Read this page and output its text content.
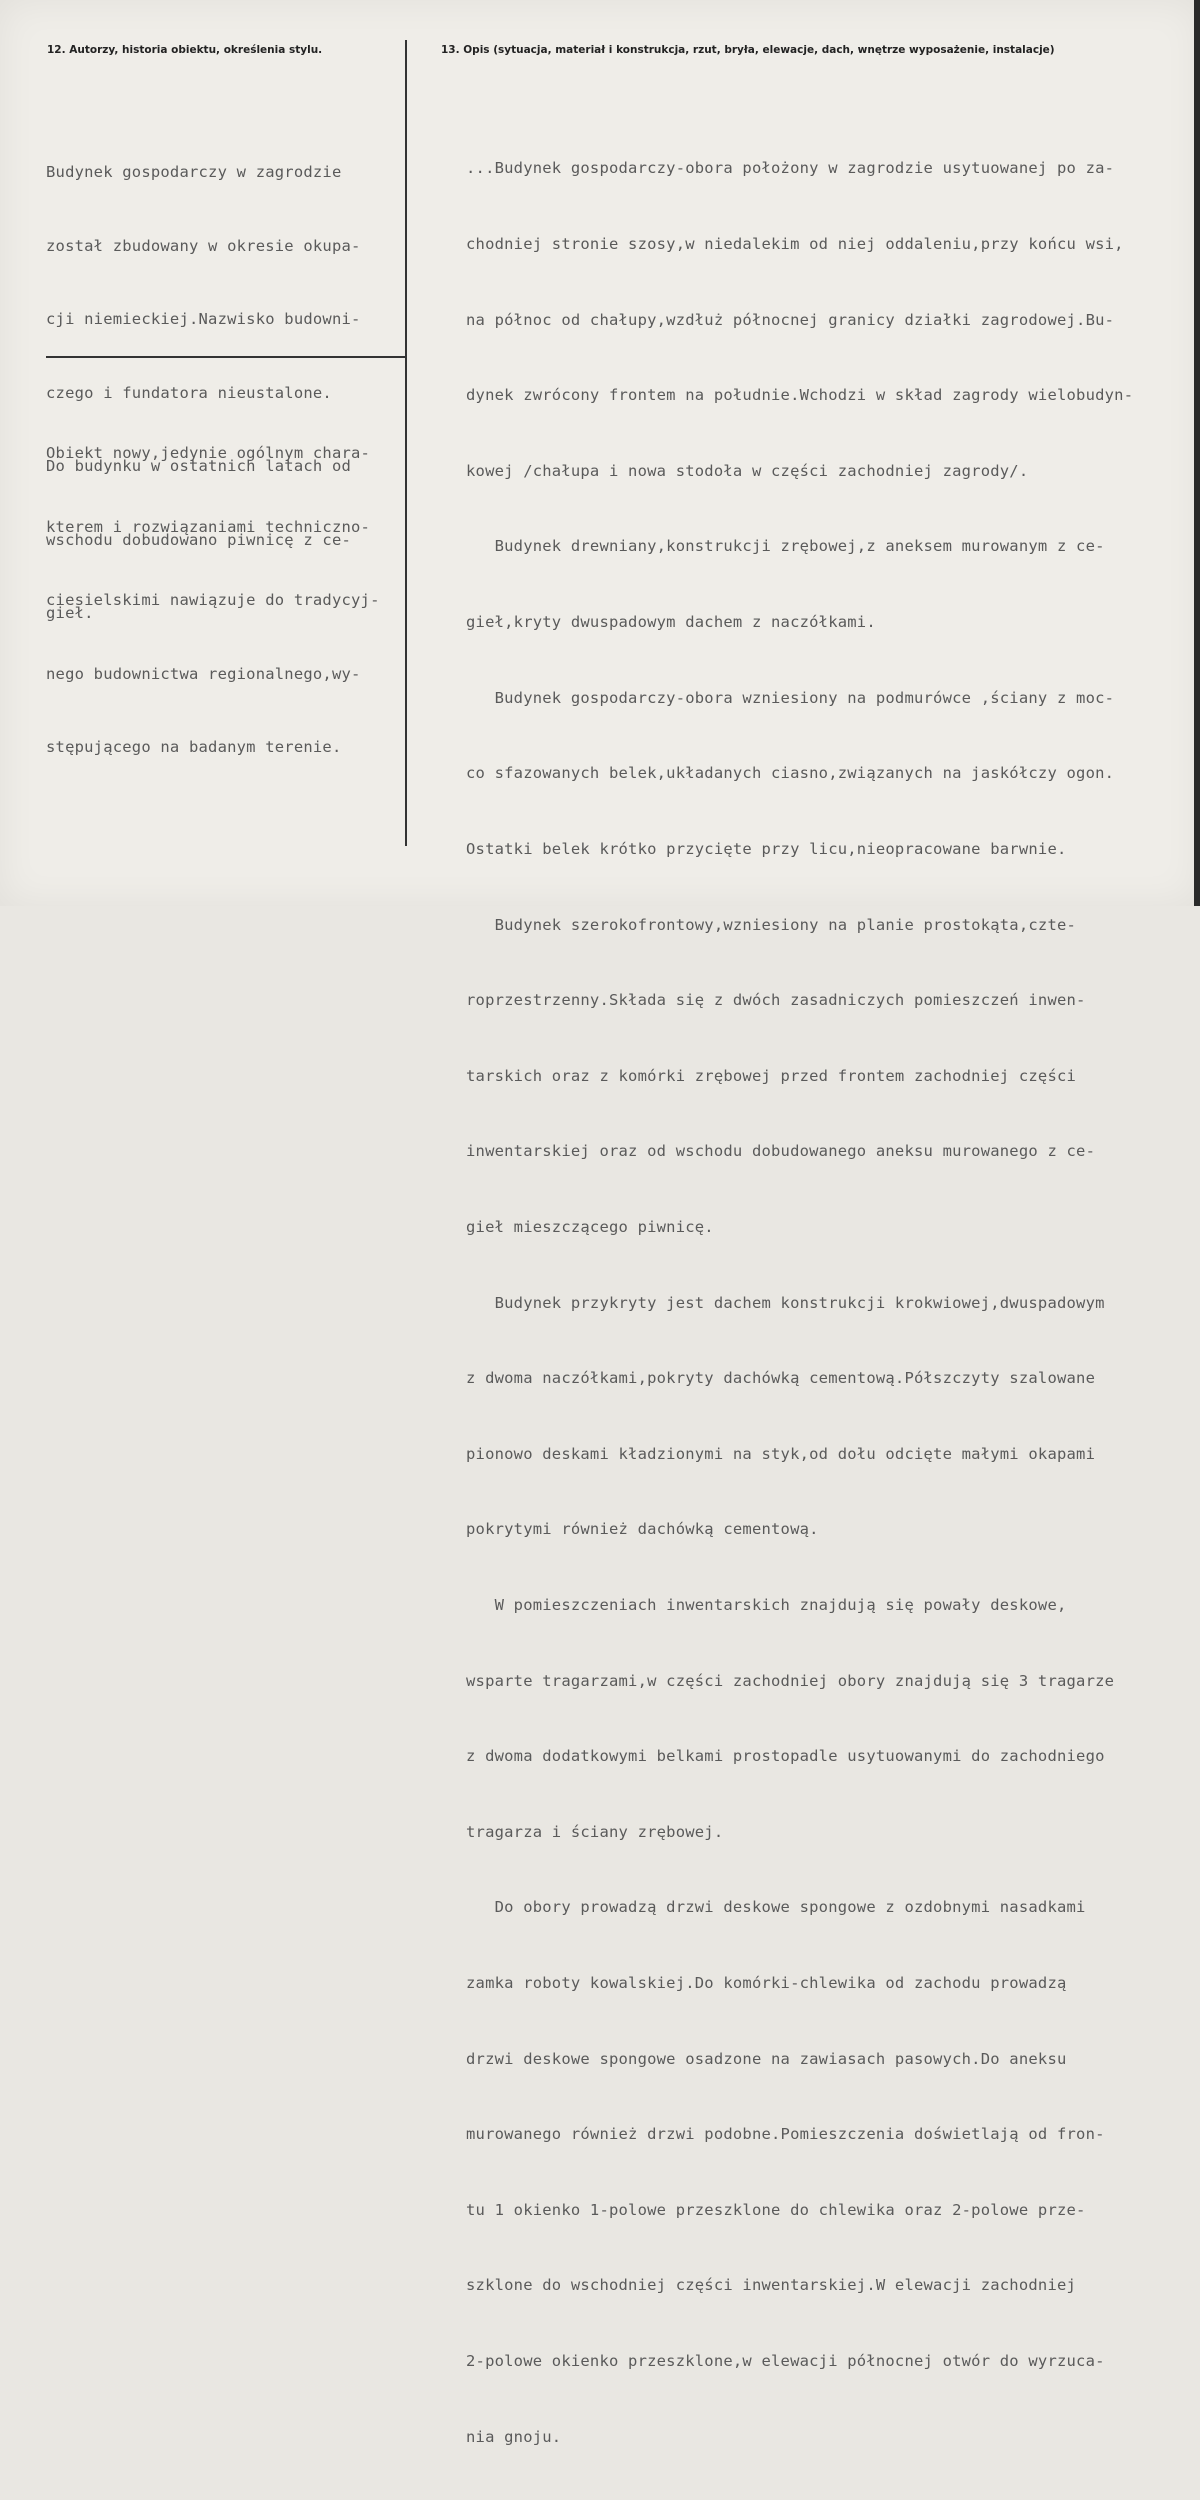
12. Autorzy, historia obiektu, określenia stylu.	13. Opis (sytuacja, materiał i konstrukcja, rzut, bryła, elewacje, dach, wnętrze wyposażenie, instalacje)

Budynek gospodarczy w zagrodzie

został zbudowany w okresie okupa-

cji niemieckiej.Nazwisko budowni-

czego i fundatora nieustalone.

Do budynku w ostatnich latach od

wschodu dobudowano piwnicę z ce-

gieł.

Obiekt nowy,jedynie ogólnym chara-

kterem i rozwiązaniami techniczno-

ciesielskimi nawiązuje do tradycyj-

nego budownictwa regionalnego,wy-

stępującego na badanym terenie.

...Budynek gospodarczy-obora położony w zagrodzie usytuowanej po za-

chodniej stronie szosy,w niedalekim od niej oddaleniu,przy końcu wsi,

na północ od chałupy,wzdłuż północnej granicy działki zagrodowej.Bu-

dynek zwrócony frontem na południe.Wchodzi w skład zagrody wielobudyn-

kowej /chałupa i nowa stodoła w części zachodniej zagrody/.

Budynek drewniany,konstrukcji zrębowej,z aneksem murowanym z ce-

gieł,kryty dwuspadowym dachem z naczółkami.

Budynek gospodarczy-obora wzniesiony na podmurówce ,ściany z moc-

co sfazowanych belek,układanych ciasno,związanych na jaskółczy ogon.

Ostatki belek krótko przycięte przy licu,nieopracowane barwnie.

Budynek szerokofrontowy,wzniesiony na planie prostokąta,czte-

roprzestrzenny.Składa się z dwóch zasadniczych pomieszczeń inwen-

tarskich oraz z komórki zrębowej przed frontem zachodniej części

inwentarskiej oraz od wschodu dobudowanego aneksu murowanego z ce-

gieł mieszczącego piwnicę.

Budynek przykryty jest dachem konstrukcji krokwiowej,dwuspadowym

z dwoma naczółkami,pokryty dachówką cementową.Półszczyty szalowane

pionowo deskami kładzionymi na styk,od dołu odcięte małymi okapami

pokrytymi również dachówką cementową.

W pomieszczeniach inwentarskich znajdują się powały deskowe,

wsparte tragarzami,w części zachodniej obory znajdują się 3 tragarze

z dwoma dodatkowymi belkami prostopadle usytuowanymi do zachodniego

tragarza i ściany zrębowej.

Do obory prowadzą drzwi deskowe spongowe z ozdobnymi nasadkami

zamka roboty kowalskiej.Do komórki-chlewika od zachodu prowadzą

drzwi deskowe spongowe osadzone na zawiasach pasowych.Do aneksu

murowanego również drzwi podobne.Pomieszczenia doświetlają od fron-

tu 1 okienko 1-polowe przeszklone do chlewika oraz 2-polowe prze-

szklone do wschodniej części inwentarskiej.W elewacji zachodniej

2-polowe okienko przeszklone,w elewacji północnej otwór do wyrzuca-

nia gnoju.
